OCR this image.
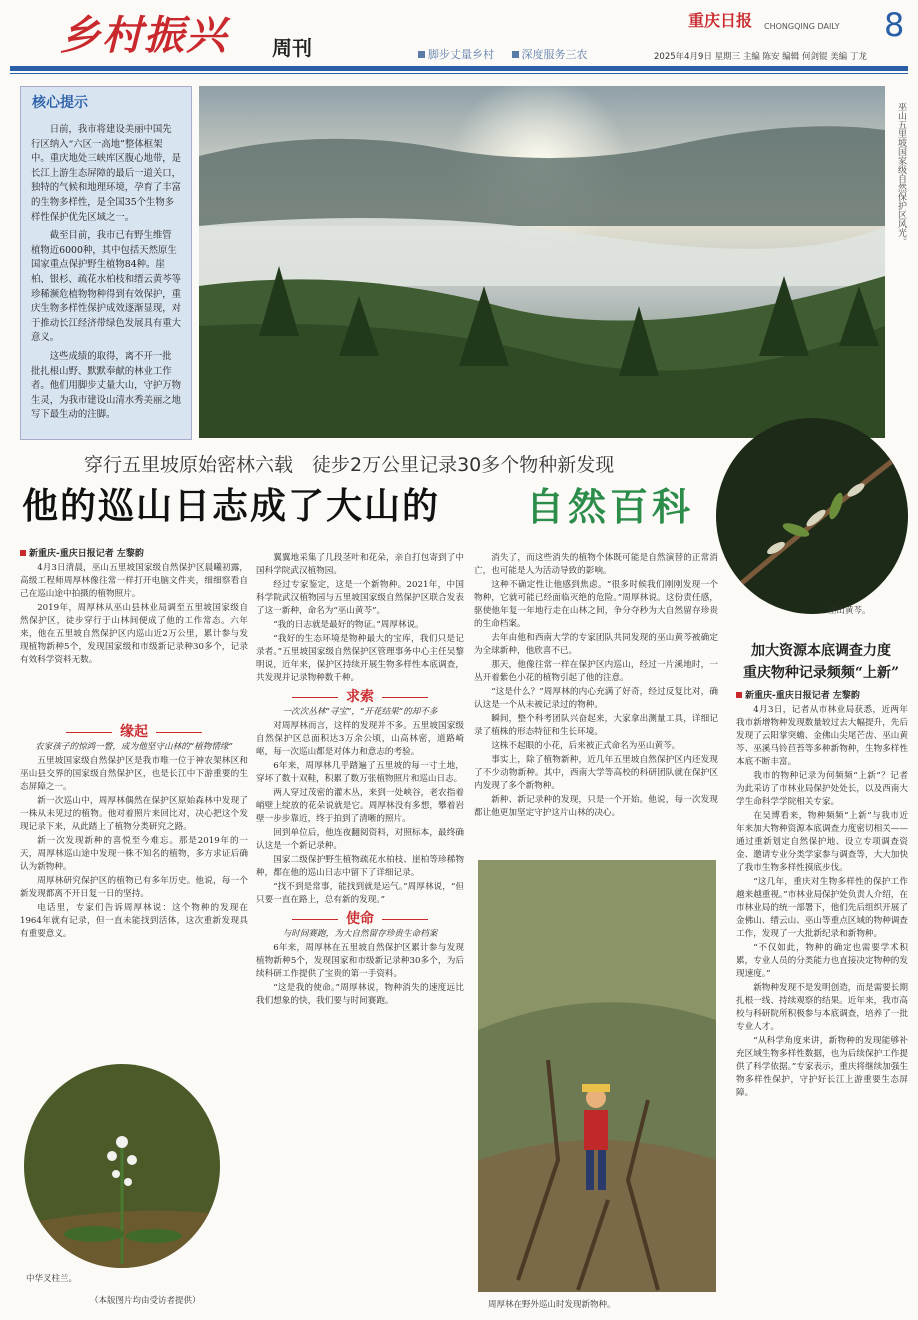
乡村振兴 周刊	脚步丈量乡村	深度服务三农
重庆日报 CHONGQING DAILY 8
2025年4月9日 星期三 主编 陈安 编辑 何剑锟 美编 丁龙

日前，我市将建设美丽中国先行区纳入“六区一高地”整体框架中。重庆地处三峡库区腹心地带，是长江上游生态屏障的最后一道关口，独特的气候和地理环境，孕育了丰富的生物多样性，是全国35个生物多样性保护优先区域之一。

截至目前，我市已有野生维管植物近6000种，其中包括天然原生国家重点保护野生植物84种。崖柏、银杉、疏花水柏枝和缙云黄芩等珍稀濒危植物物种得到有效保护，重庆生物多样性保护成效逐渐显现，对于推动长江经济带绿色发展具有重大意义。

这些成绩的取得，离不开一批批扎根山野、默默奉献的林业工作者。他们用脚步丈量大山，守护万物生灵，为我市建设山清水秀美丽之地写下最生动的注脚。

核心提示	巫山五里坡国家级自然保护区风光。
穿行五里坡原始密林六载　徒步2万公里记录30多个物种新发现
他的巡山日志成了大山的 自然百科
巫山黄芩。

新重庆-重庆日报记者 左黎韵

4月3日清晨，巫山五里坡国家级自然保护区晨曦初露，高级工程师周厚林像往常一样打开电脑文件夹，细细察看自己在巡山途中拍摄的植物照片。

2019年，周厚林从巫山县林业局调至五里坡国家级自然保护区，徒步穿行于山林间便成了他的工作常态。六年来，他在五里坡自然保护区内巡山近2万公里，累计参与发现植物新种5个，发现国家级和市级新记录种30多个，记录有效科学资料无数。

缘起

农家孩子的惊鸿一瞥，成为他坚守山林的“植物情缘”

五里坡国家级自然保护区是我市唯一位于神农架林区和巫山县交界的国家级自然保护区，也是长江中下游重要的生态屏障之一。

新一次巡山中，周厚林偶然在保护区原始森林中发现了一株从未见过的植物。他对着照片来回比对，决心把这个发现记录下来，从此踏上了植物分类研究之路。

新一次发现新种的喜悦至今难忘。那是2019年的一天，周厚林巡山途中发现一株不知名的植物，多方求证后确认为新物种。

周厚林研究保护区的植物已有多年历史。他说，每一个新发现都离不开日复一日的坚持。

电话里，专家们告诉周厚林说：这个物种的发现在1964年就有记录，但一直未能找到活体，这次重新发现具有重要意义。

中华叉柱兰。
（本版图片均由受访者提供）

翼翼地采集了几段茎叶和花朵，亲自打包寄到了中国科学院武汉植物园。

经过专家鉴定，这是一个新物种。2021年，中国科学院武汉植物园与五里坡国家级自然保护区联合发表了这一新种，命名为“巫山黄芩”。

“我的日志就是最好的物证。”周厚林说。

“我好的生态环境是物种最大的宝库，我们只是记录者。”五里坡国家级自然保护区管理事务中心主任吴黎明说，近年来，保护区持续开展生物多样性本底调查，共发现并记录物种数千种。

求索

一次次丛林“寻宝”，“开花结果”的却不多

对周厚林而言，这样的发现并不多。五里坡国家级自然保护区总面积达3万余公顷，山高林密，道路崎岖，每一次巡山都是对体力和意志的考验。

6年来，周厚林几乎踏遍了五里坡的每一寸土地，穿坏了数十双鞋，积累了数万张植物照片和巡山日志。

两人穿过茂密的灌木丛，来到一处峡谷，老农指着峭壁上绽放的花朵说就是它。周厚林没有多想，攀着岩壁一步步靠近，终于拍到了清晰的照片。

回到单位后，他连夜翻阅资料，对照标本，最终确认这是一个新记录种。

国家二级保护野生植物疏花水柏枝、崖柏等珍稀物种，都在他的巡山日志中留下了详细记录。

“找不到是常事，能找到就是运气。”周厚林说，“但只要一直在路上，总有新的发现。”

使命

与时间赛跑，为大自然留存珍贵生命档案

6年来，周厚林在五里坡自然保护区累计参与发现植物新种5个，发现国家和市级新记录种30多个，为后续科研工作提供了宝贵的第一手资料。

“这是我的使命。”周厚林说，物种消失的速度远比我们想象的快，我们要与时间赛跑。

消失了，而这些消失的植物个体既可能是自然演替的正常消亡，也可能是人为活动导致的影响。

这种不确定性让他感到焦虑。“很多时候我们刚刚发现一个物种，它就可能已经面临灭绝的危险。”周厚林说。这份责任感，驱使他年复一年地行走在山林之间，争分夺秒为大自然留存珍贵的生命档案。

去年由他和西南大学的专家团队共同发现的巫山黄芩被确定为全球新种，他欣喜不已。

那天，他像往常一样在保护区内巡山，经过一片溪地时，一丛开着紫色小花的植物引起了他的注意。

“这是什么？”周厚林的内心充满了好奇，经过反复比对，确认这是一个从未被记录过的物种。

瞬间，整个科考团队兴奋起来，大家拿出测量工具，详细记录了植株的形态特征和生长环境。

这株不起眼的小花，后来被正式命名为巫山黄芩。

事实上，除了植物新种，近几年五里坡自然保护区内还发现了不少动物新种。其中，西南大学等高校的科研团队就在保护区内发现了多个新物种。

新种、新记录种的发现，只是一个开始。他说，每一次发现都让他更加坚定守护这片山林的决心。

周厚林在野外巡山时发现新物种。
加大资源本底调查力度
重庆物种记录频频“上新”

新重庆-重庆日报记者 左黎韵

4月3日，记者从市林业局获悉，近两年我市新增物种发现数量较过去大幅提升，先后发现了云阳掌突蟾、金佛山尖尾芒齿、巫山黄芩、巫溪马铃苣苔等多种新物种，生物多样性本底不断丰富。

我市的物种记录为何频频“上新”？记者为此采访了市林业局保护处处长，以及西南大学生命科学学院相关专家。

在吴博看来，物种频频“上新”与我市近年来加大物种资源本底调查力度密切相关——通过重新划定自然保护地、设立专项调查资金、邀请专业分类学家参与调查等，大大加快了我市生物多样性摸底步伐。

“这几年，重庆对生物多样性的保护工作越来越重视。”市林业局保护处负责人介绍，在市林业局的统一部署下，他们先后组织开展了金佛山、缙云山、巫山等重点区域的物种调查工作，发现了一大批新纪录和新物种。

“不仅如此，物种的确定也需要学术积累，专业人员的分类能力也直接决定物种的发现速度。”

新物种发现不是发明创造，而是需要长期扎根一线、持续观察的结果。近年来，我市高校与科研院所积极参与本底调查，培养了一批专业人才。

“从科学角度来讲，新物种的发现能够补充区域生物多样性数据，也为后续保护工作提供了科学依据。”专家表示，重庆将继续加强生物多样性保护，守护好长江上游重要生态屏障。
